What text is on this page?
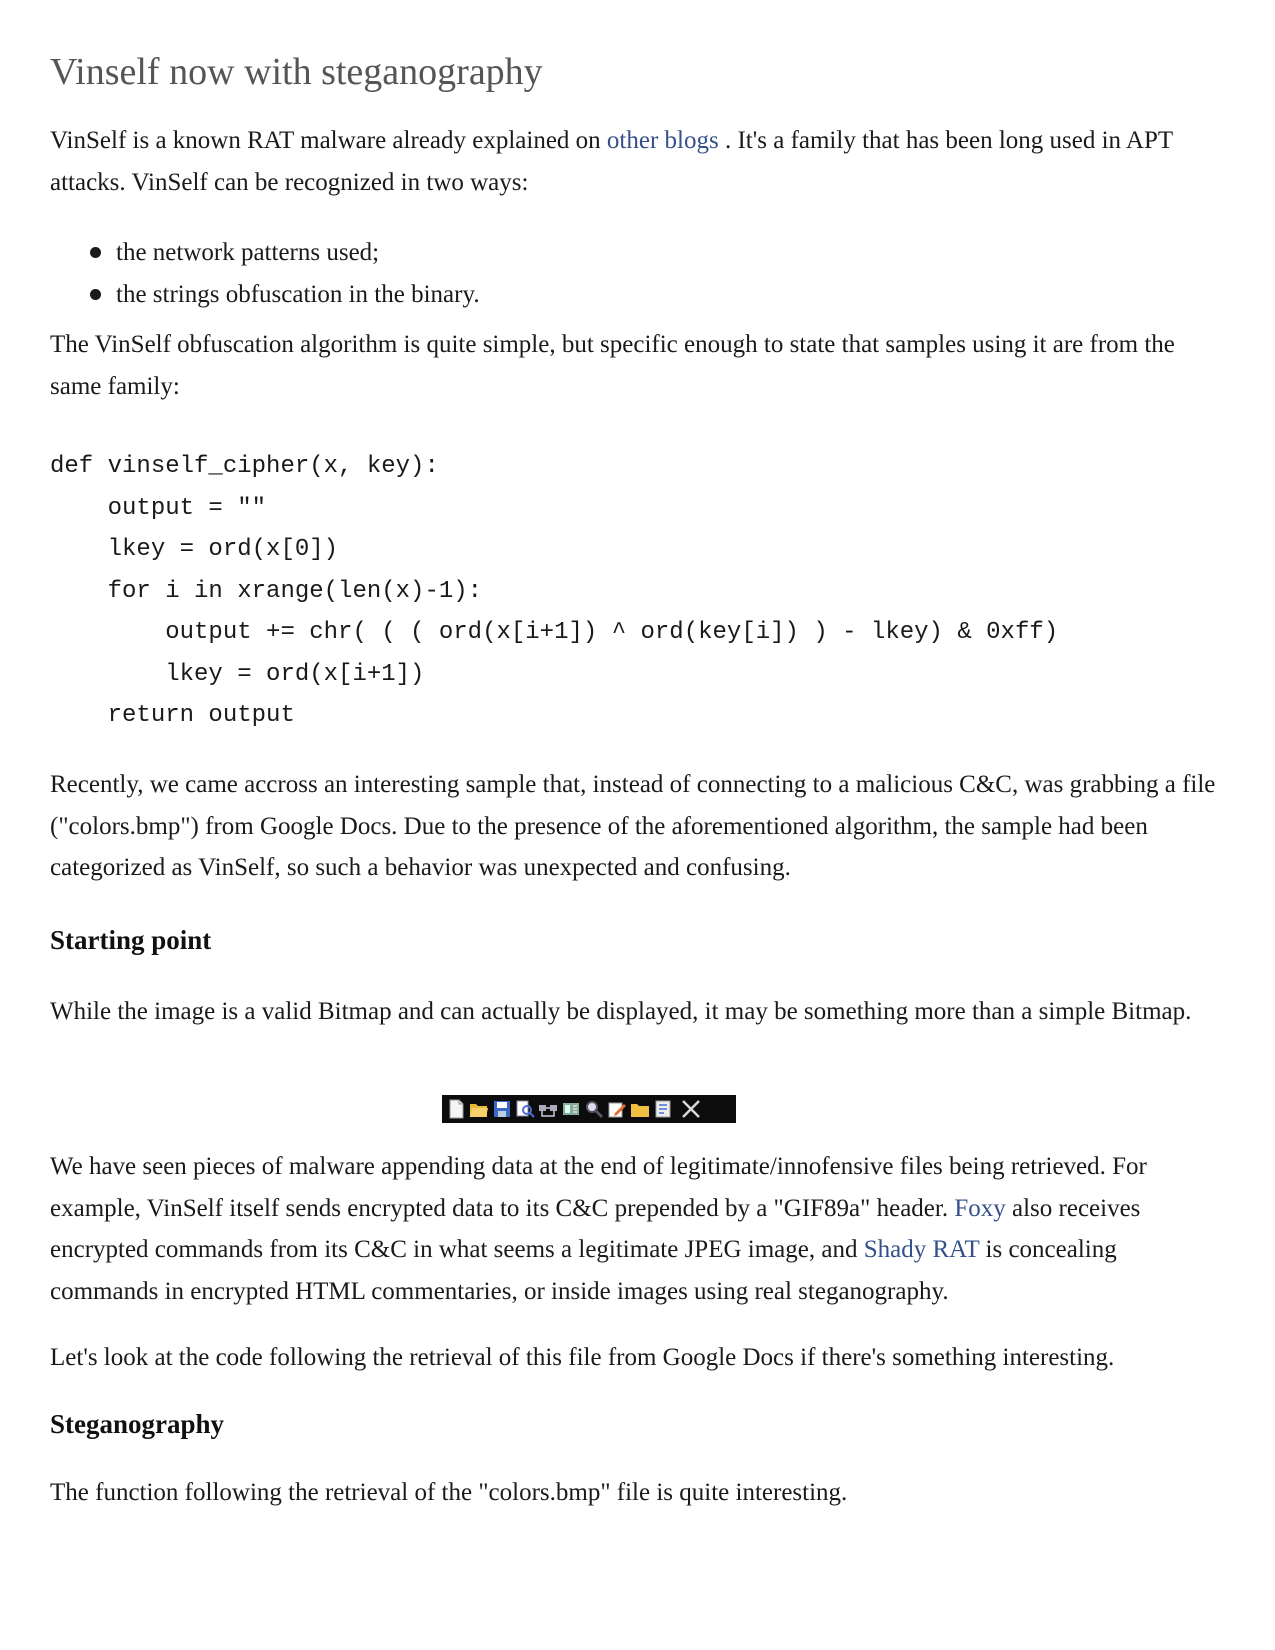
Vinself now with steganography

VinSelf is a known RAT malware already explained on other blogs . It's a family that has been long used in APT attacks. VinSelf can be recognized in two ways:

the network patterns used;
the strings obfuscation in the binary.

The VinSelf obfuscation algorithm is quite simple, but specific enough to state that samples using it are from the same family:

def vinself_cipher(x, key):
output = ""
lkey = ord(x[0])
for i in xrange(len(x)-1):
output += chr( ( ( ord(x[i+1]) ^ ord(key[i]) ) - lkey) & 0xff)
lkey = ord(x[i+1])
return output

Recently, we came accross an interesting sample that, instead of connecting to a malicious C&C, was grabbing a file ("colors.bmp") from Google Docs. Due to the presence of the aforementioned algorithm, the sample had been categorized as VinSelf, so such a behavior was unexpected and confusing.

Starting point

While the image is a valid Bitmap and can actually be displayed, it may be something more than a simple Bitmap.

We have seen pieces of malware appending data at the end of legitimate/innofensive files being retrieved. For example, VinSelf itself sends encrypted data to its C&C prepended by a "GIF89a" header. Foxy also receives encrypted commands from its C&C in what seems a legitimate JPEG image, and Shady RAT is concealing commands in encrypted HTML commentaries, or inside images using real steganography.

Let's look at the code following the retrieval of this file from Google Docs if there's something interesting.

Steganography

The function following the retrieval of the "colors.bmp" file is quite interesting.
